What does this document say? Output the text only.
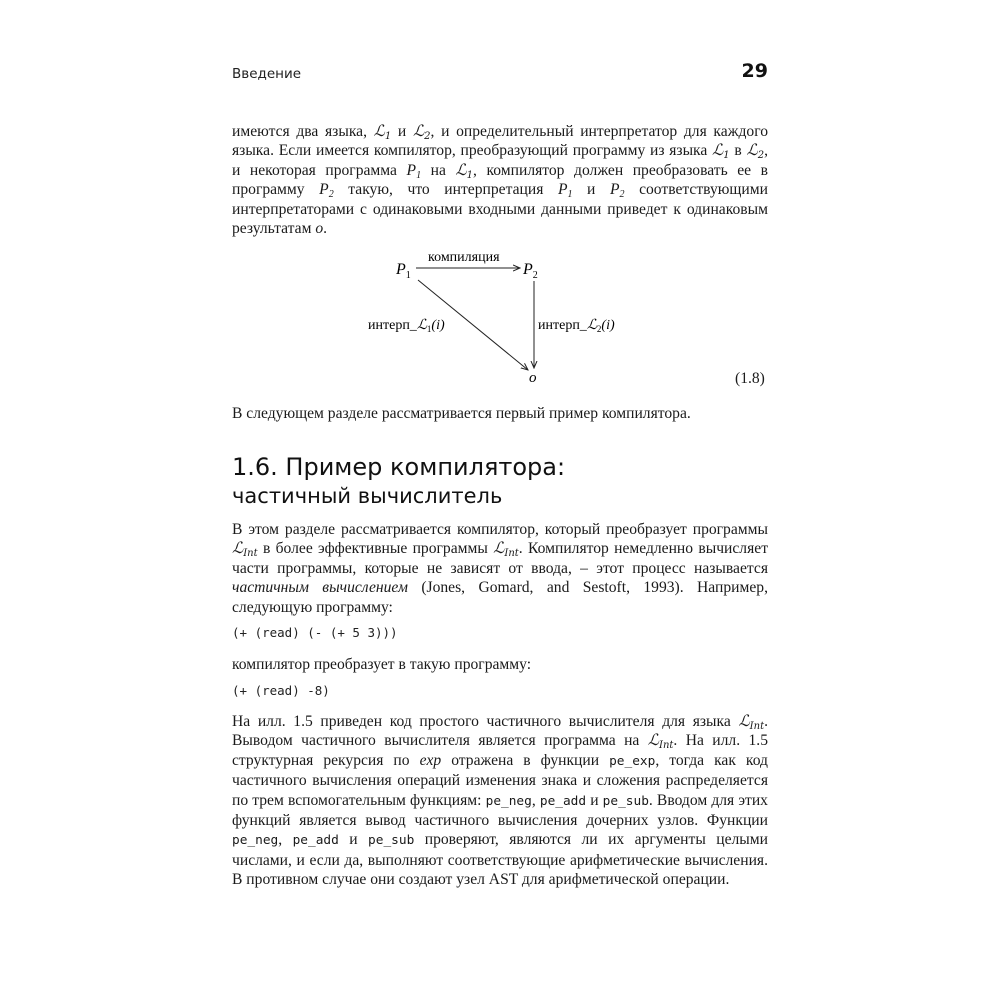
Введение	29
имеются два языка, ℒ$_1$ и ℒ$_2$, и определительный интерпретатор для каждого языка. Если имеется компилятор, преобразующий программу из языка ℒ$_1$ в ℒ$_2$, и некоторая программа $P_1$ на ℒ$_1$, компилятор должен преобразовать ее в программу $P_2$ такую, что интерпретация $P_1$ и $P_2$ соответствующими интерпретаторами с одинаковыми входными данными приведет к одинаковым результатам o.
$P_1$	$P_2$
компиляция
интерп_ℒ$_1$(i)	интерп_ℒ$_2$(i)
o	(1.8)
В следующем разделе рассматривается первый пример компилятора.
1.6. Пример компилятора:
частичный вычислитель
В этом разделе рассматривается компилятор, который преобразует программы ℒ$_{Int}$ в более эффективные программы ℒ$_{Int}$. Компилятор немедленно вычисляет части программы, которые не зависят от ввода, – этот процесс называется частичным вычислением (Jones, Gomard, and Sestoft, 1993). Например, следующую программу:
(+ (read) (- (+ 5 3)))
компилятор преобразует в такую программу:
(+ (read) -8)
На илл. 1.5 приведен код простого частичного вычислителя для языка ℒ$_{Int}$. Выводом частичного вычислителя является программа на ℒ$_{Int}$. На илл. 1.5 структурная рекурсия по exp отражена в функции pe_exp, тогда как код частичного вычисления операций изменения знака и сложения распределяется по трем вспомогательным функциям: pe_neg, pe_add и pe_sub. Вводом для этих функций является вывод частичного вычисления дочерних узлов. Функции pe_neg, pe_add и pe_sub проверяют, являются ли их аргументы целыми числами, и если да, выполняют соответствующие арифметические вычисления. В противном случае они создают узел AST для арифметической операции.
